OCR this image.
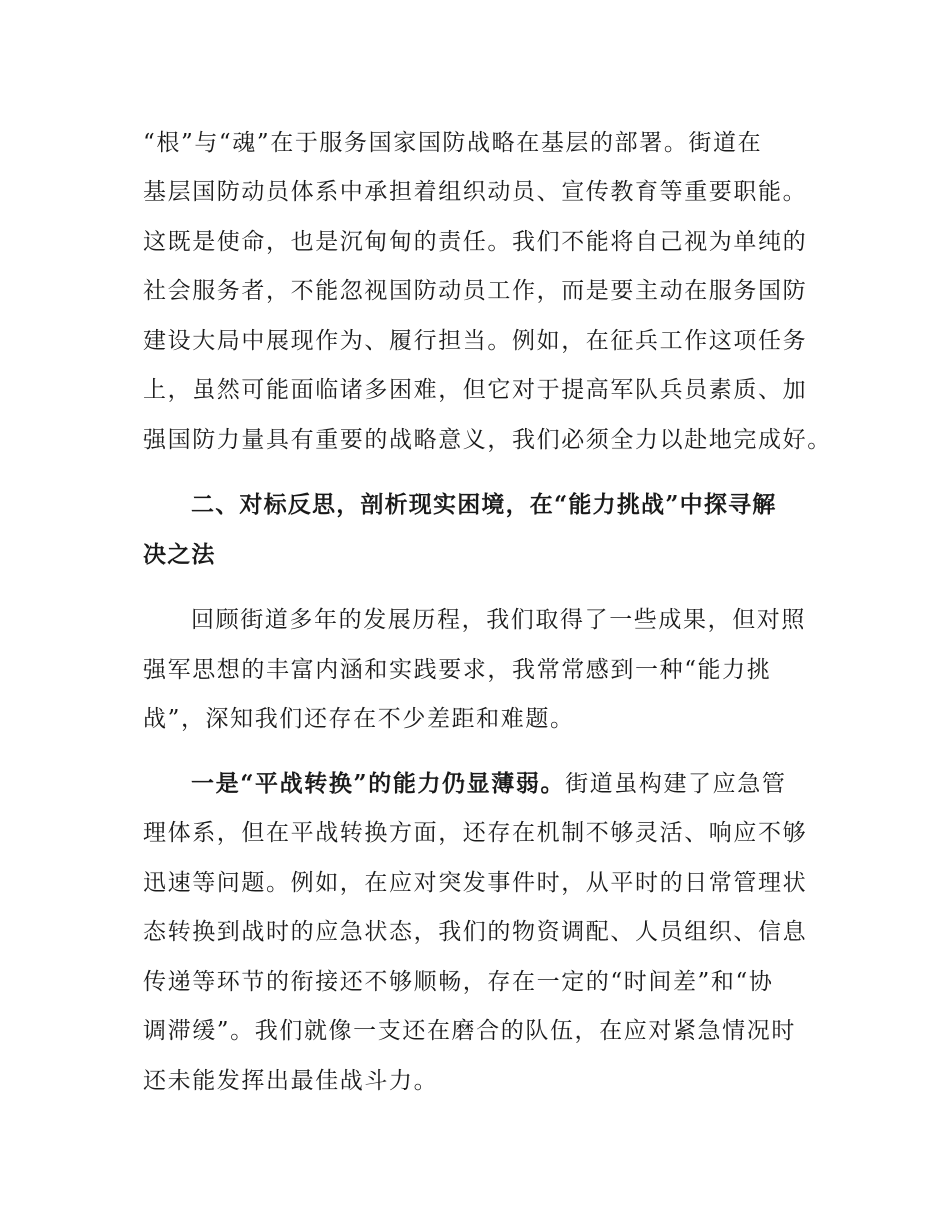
“根”与“魂”在于服务国家国防战略在基层的部署。街道在
基层国防动员体系中承担着组织动员、宣传教育等重要职能。
这既是使命，也是沉甸甸的责任。我们不能将自己视为单纯的
社会服务者，不能忽视国防动员工作，而是要主动在服务国防
建设大局中展现作为、履行担当。例如，在征兵工作这项任务
上，虽然可能面临诸多困难，但它对于提高军队兵员素质、加
强国防力量具有重要的战略意义，我们必须全力以赴地完成好。
二、对标反思，剖析现实困境，在“能力挑战”中探寻解
决之法
回顾街道多年的发展历程，我们取得了一些成果，但对照
强军思想的丰富内涵和实践要求，我常常感到一种“能力挑
战”，深知我们还存在不少差距和难题。
一是“平战转换”的能力仍显薄弱。街道虽构建了应急管
理体系，但在平战转换方面，还存在机制不够灵活、响应不够
迅速等问题。例如，在应对突发事件时，从平时的日常管理状
态转换到战时的应急状态，我们的物资调配、人员组织、信息
传递等环节的衔接还不够顺畅，存在一定的“时间差”和“协
调滞缓”。我们就像一支还在磨合的队伍，在应对紧急情况时
还未能发挥出最佳战斗力。
